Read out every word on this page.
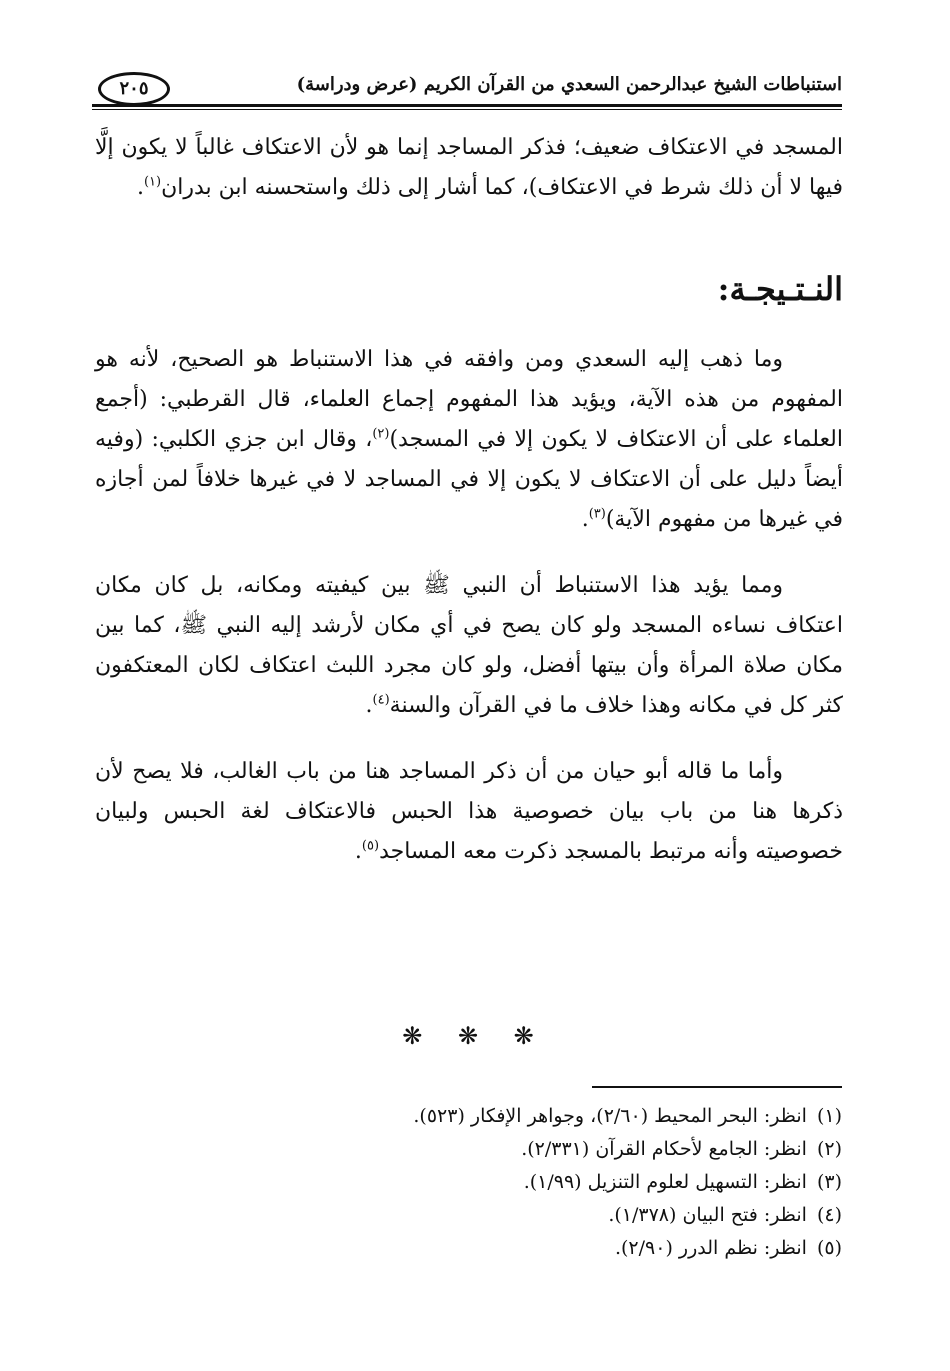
استنباطات الشيخ عبدالرحمن السعدي من القرآن الكريم (عرض ودراسة)
٢٠٥

المسجد في الاعتكاف ضعيف؛ فذكر المساجد إنما هو لأن الاعتكاف غالباً لا يكون إلَّا فيها لا أن ذلك شرط في الاعتكاف)، كما أشار إلى ذلك واستحسنه ابن بدران$^{(١)}$.

النـتـيجـة:

وما ذهب إليه السعدي ومن وافقه في هذا الاستنباط هو الصحيح، لأنه هو المفهوم من هذه الآية، ويؤيد هذا المفهوم إجماع العلماء، قال القرطبي: (أجمع العلماء على أن الاعتكاف لا يكون إلا في المسجد)$^{(٢)}$، وقال ابن جزي الكلبي: (وفيه أيضاً دليل على أن الاعتكاف لا يكون إلا في المساجد لا في غيرها خلافاً لمن أجازه في غيرها من مفهوم الآية)$^{(٣)}$.

ومما يؤيد هذا الاستنباط أن النبي ﷺ بين كيفيته ومكانه، بل كان مكان اعتكاف نساءه المسجد ولو كان يصح في أي مكان لأرشد إليه النبي ﷺ، كما بين مكان صلاة المرأة وأن بيتها أفضل، ولو كان مجرد اللبث اعتكاف لكان المعتكفون كثر كل في مكانه وهذا خلاف ما في القرآن والسنة$^{(٤)}$.

وأما ما قاله أبو حيان من أن ذكر المساجد هنا من باب الغالب، فلا يصح لأن ذكرها هنا من باب بيان خصوصية هذا الحبس فالاعتكاف لغة الحبس ولبيان خصوصيته وأنه مرتبط بالمسجد ذكرت معه المساجد$^{(٥)}$.

❋ ❋ ❋

(١)انظر: البحر المحيط (٢/٦٠)، وجواهر الإفكار (٥٢٣).

(٢)انظر: الجامع لأحكام القرآن (٢/٣٣١).

(٣)انظر: التسهيل لعلوم التنزيل (١/٩٩).

(٤)انظر: فتح البيان (١/٣٧٨).

(٥)انظر: نظم الدرر (٢/٩٠).
